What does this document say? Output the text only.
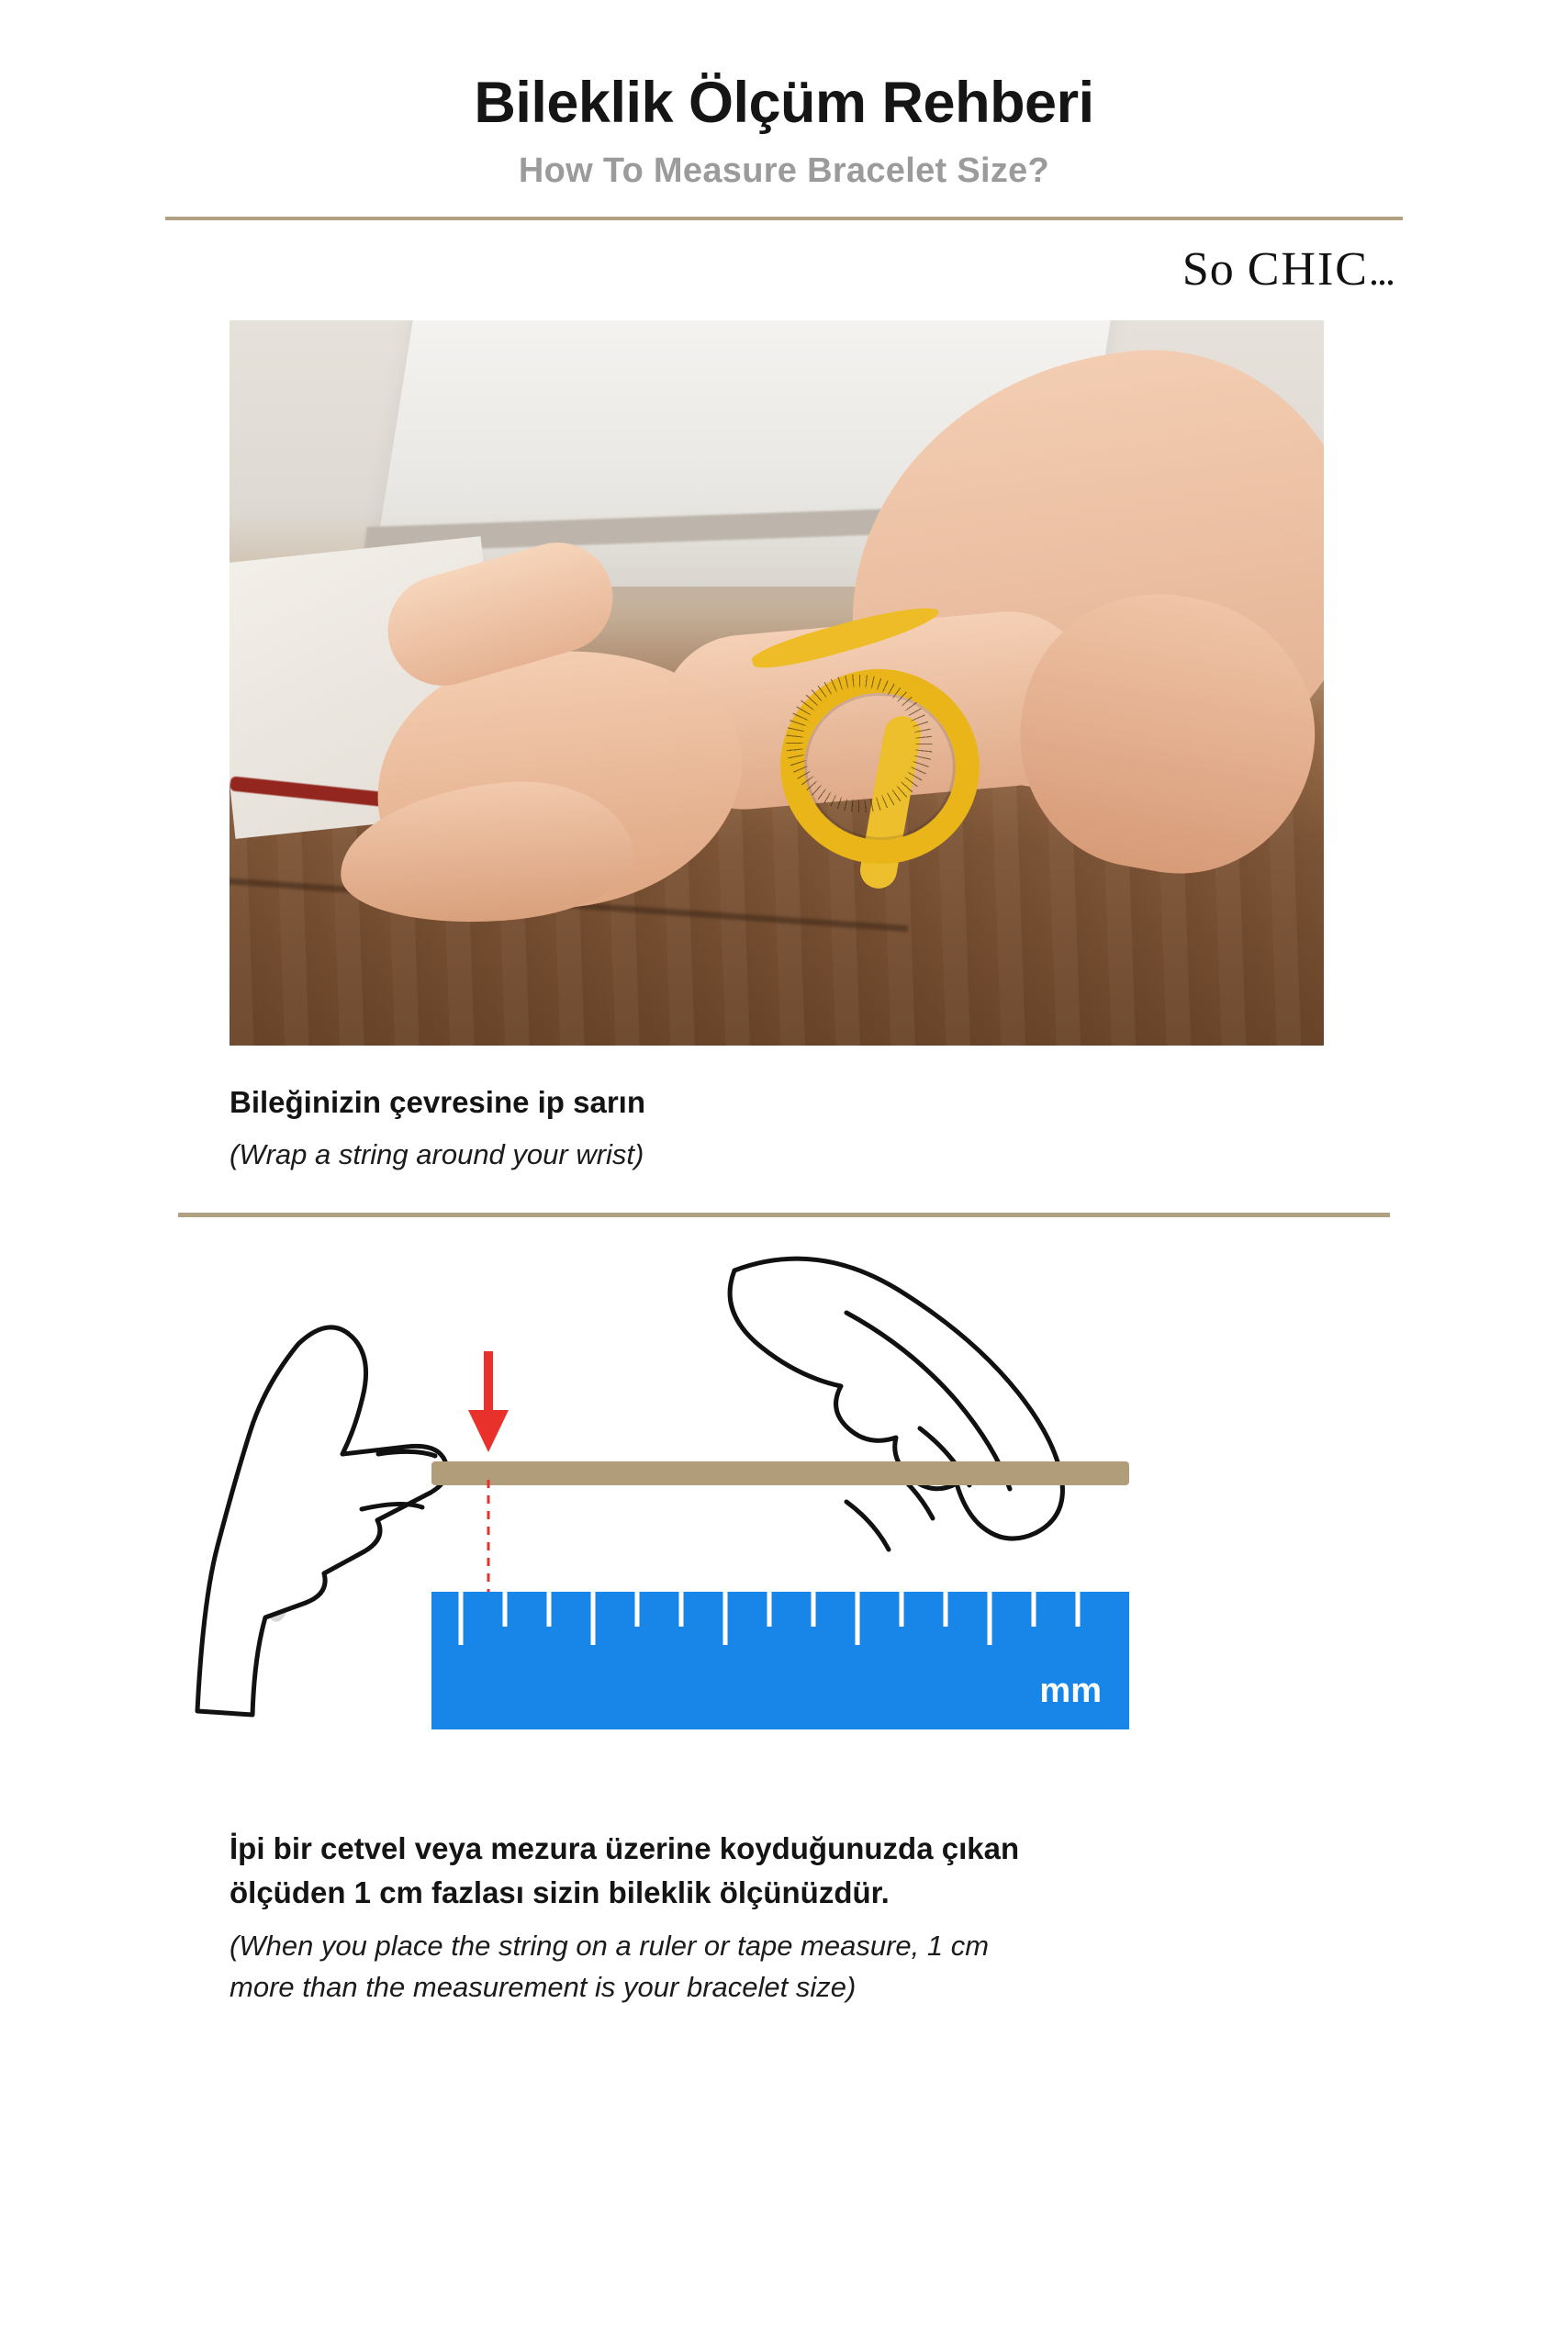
Bileklik Ölçüm Rehberi
How To Measure Bracelet Size?
So CHIC...
Bileğinizin çevresine ip sarın
(Wrap a string around your wrist)
mm
İpi bir cetvel veya mezura üzerine koyduğunuzda çıkan
ölçüden 1 cm fazlası sizin bileklik ölçünüzdür.
(When you place the string on a ruler or tape measure, 1 cm
more than the measurement is your bracelet size)
